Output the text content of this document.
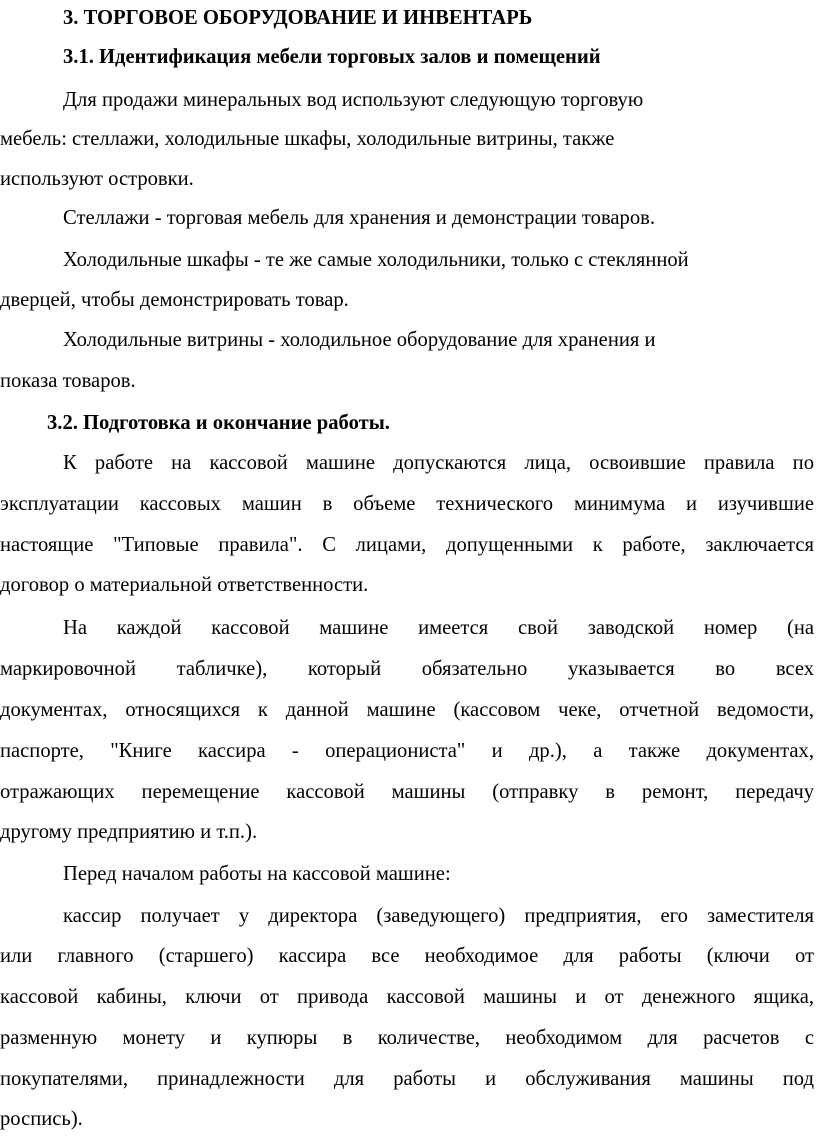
3. ТОРГОВОЕ ОБОРУДОВАНИЕ И ИНВЕНТАРЬ
3.1. Идентификация мебели торговых залов и помещений
Для продажи минеральных вод используют следующую торговую
мебель: стеллажи, холодильные шкафы, холодильные витрины, также
используют островки.
Стеллажи - торговая мебель для хранения и демонстрации товаров.
Холодильные шкафы - те же самые холодильники, только с стеклянной
дверцей, чтобы демонстрировать товар.
Холодильные витрины - холодильное оборудование для хранения и
показа товаров.
3.2. Подготовка и окончание работы.
К работе на кассовой машине допускаются лица, освоившие правила по
эксплуатации кассовых машин в объеме технического минимума и изучившие
настоящие "Типовые правила". С лицами, допущенными к работе, заключается
договор о материальной ответственности.
На каждой кассовой машине имеется свой заводской номер (на
маркировочной табличке), который обязательно указывается во всех
документах, относящихся к данной машине (кассовом чеке, отчетной ведомости,
паспорте, "Книге кассира - операциониста" и др.), а также документах,
отражающих перемещение кассовой машины (отправку в ремонт, передачу
другому предприятию и т.п.).
Перед началом работы на кассовой машине:
кассир получает у директора (заведующего) предприятия, его заместителя
или главного (старшего) кассира все необходимое для работы (ключи от
кассовой кабины, ключи от привода кассовой машины и от денежного ящика,
разменную монету и купюры в количестве, необходимом для расчетов с
покупателями, принадлежности для работы и обслуживания машины под
роспись).
